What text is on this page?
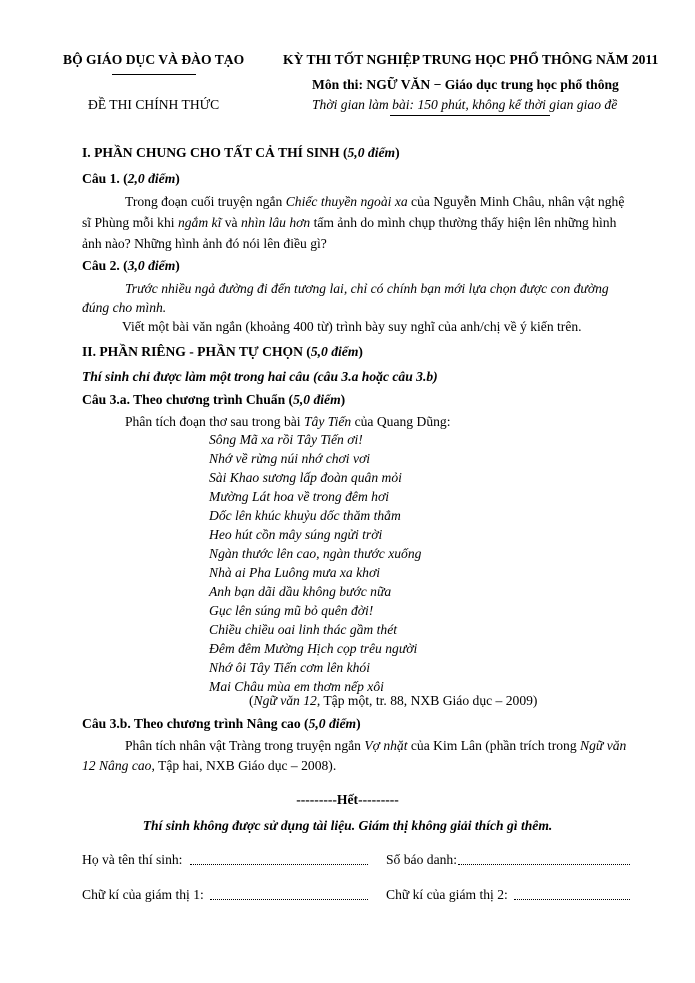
BỘ GIÁO DỤC VÀ ĐÀO TẠO	KỲ THI TỐT NGHIỆP TRUNG HỌC PHỔ THÔNG NĂM 2011
Môn thi: NGỮ VĂN − Giáo dục trung học phổ thông
ĐỀ THI CHÍNH THỨC	Thời gian làm bài: 150 phút, không kể thời gian giao đề
I. PHẦN CHUNG CHO TẤT CẢ THÍ SINH (5,0 điểm)
Câu 1. (2,0 điểm)
Trong đoạn cuối truyện ngắn Chiếc thuyền ngoài xa của Nguyễn Minh Châu, nhân vật nghệ
sĩ Phùng mỗi khi ngắm kĩ và nhìn lâu hơn tấm ảnh do mình chụp thường thấy hiện lên những hình
ảnh nào? Những hình ảnh đó nói lên điều gì?
Câu 2. (3,0 điểm)
Trước nhiều ngả đường đi đến tương lai, chỉ có chính bạn mới lựa chọn được con đường
đúng cho mình.
Viết một bài văn ngắn (khoảng 400 từ) trình bày suy nghĩ của anh/chị về ý kiến trên.
II. PHẦN RIÊNG - PHẦN TỰ CHỌN (5,0 điểm)
Thí sinh chỉ được làm một trong hai câu (câu 3.a hoặc câu 3.b)
Câu 3.a. Theo chương trình Chuẩn (5,0 điểm)
Phân tích đoạn thơ sau trong bài Tây Tiến của Quang Dũng:
Sông Mã xa rồi Tây Tiến ơi!
Nhớ về rừng núi nhớ chơi vơi
Sài Khao sương lấp đoàn quân mỏi
Mường Lát hoa về trong đêm hơi
Dốc lên khúc khuỷu dốc thăm thẳm
Heo hút cồn mây súng ngửi trời
Ngàn thước lên cao, ngàn thước xuống
Nhà ai Pha Luông mưa xa khơi
Anh bạn dãi dầu không bước nữa
Gục lên súng mũ bỏ quên đời!
Chiều chiều oai linh thác gầm thét
Đêm đêm Mường Hịch cọp trêu người
Nhớ ôi Tây Tiến cơm lên khói
Mai Châu mùa em thơm nếp xôi
(Ngữ văn 12, Tập một, tr. 88, NXB Giáo dục – 2009)
Câu 3.b. Theo chương trình Nâng cao (5,0 điểm)
Phân tích nhân vật Tràng trong truyện ngắn Vợ nhặt của Kim Lân (phần trích trong Ngữ văn
12 Nâng cao, Tập hai, NXB Giáo dục – 2008).
---------Hết---------
Thí sinh không được sử dụng tài liệu. Giám thị không giải thích gì thêm.
Họ và tên thí sinh:	Số báo danh:
Chữ kí của giám thị 1:	Chữ kí của giám thị 2:
